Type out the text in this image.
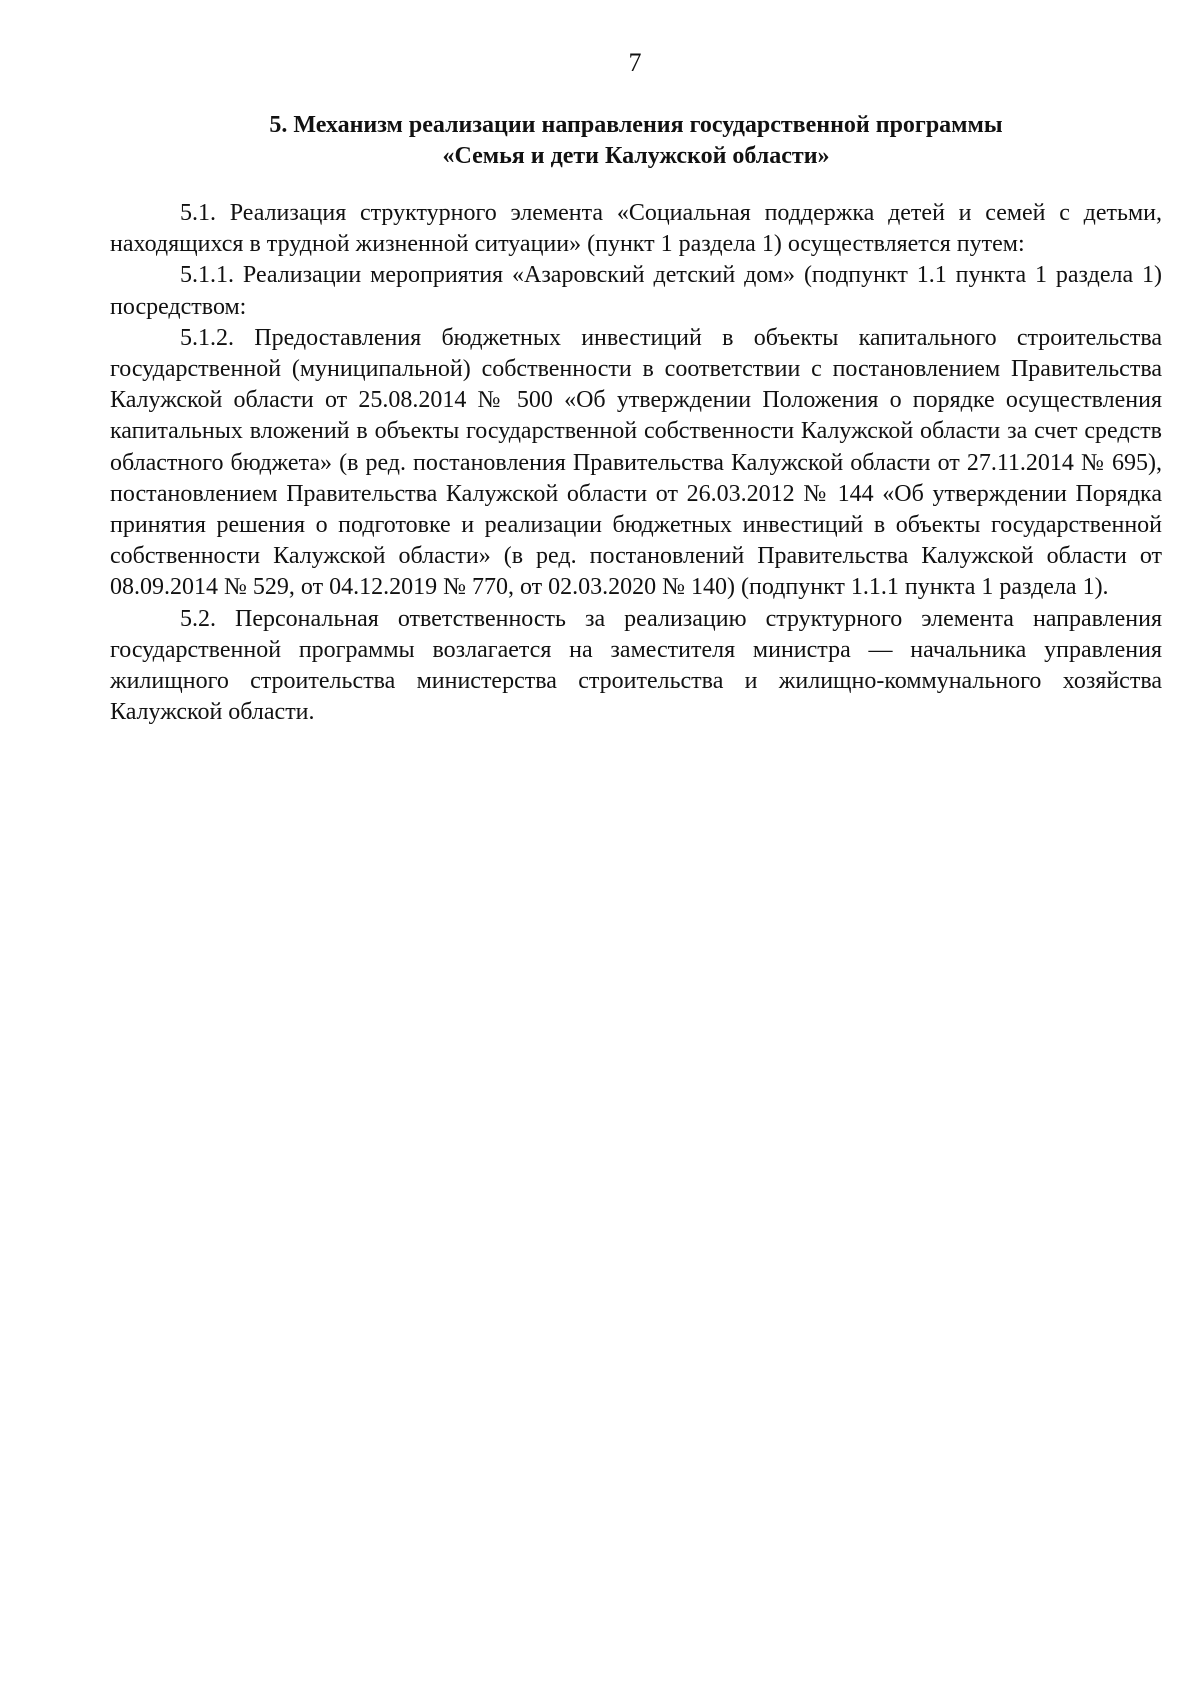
7
5. Механизм реализации направления государственной программы
«Семья и дети Калужской области»

5.1. Реализация структурного элемента «Социальная поддержка детей и семей с детьми, находящихся в трудной жизненной ситуации» (пункт 1 раздела 1) осуществляется путем:

5.1.1. Реализации мероприятия «Азаровский детский дом» (подпункт 1.1 пункта 1 раздела 1) посредством:

5.1.2. Предоставления бюджетных инвестиций в объекты капитального строительства государственной (муниципальной) собственности в соответствии с постановлением Правительства Калужской области от 25.08.2014 № 500 «Об утверждении Положения о порядке осуществления капитальных вложений в объекты государственной собственности Калужской области за счет средств областного бюджета» (в ред. постановления Правительства Калужской области от 27.11.2014 № 695), постановлением Правительства Калужской области от 26.03.2012 № 144 «Об утверждении Порядка принятия решения о подготовке и реализации бюджетных инвестиций в объекты государственной собственности Калужской области» (в ред. постановлений Правительства Калужской области от 08.09.2014 № 529, от 04.12.2019 № 770, от 02.03.2020 № 140) (подпункт 1.1.1 пункта 1 раздела 1).

5.2. Персональная ответственность за реализацию структурного элемента направления государственной программы возлагается на заместителя министра — начальника управления жилищного строительства министерства строительства и жилищно-коммунального хозяйства Калужской области.
